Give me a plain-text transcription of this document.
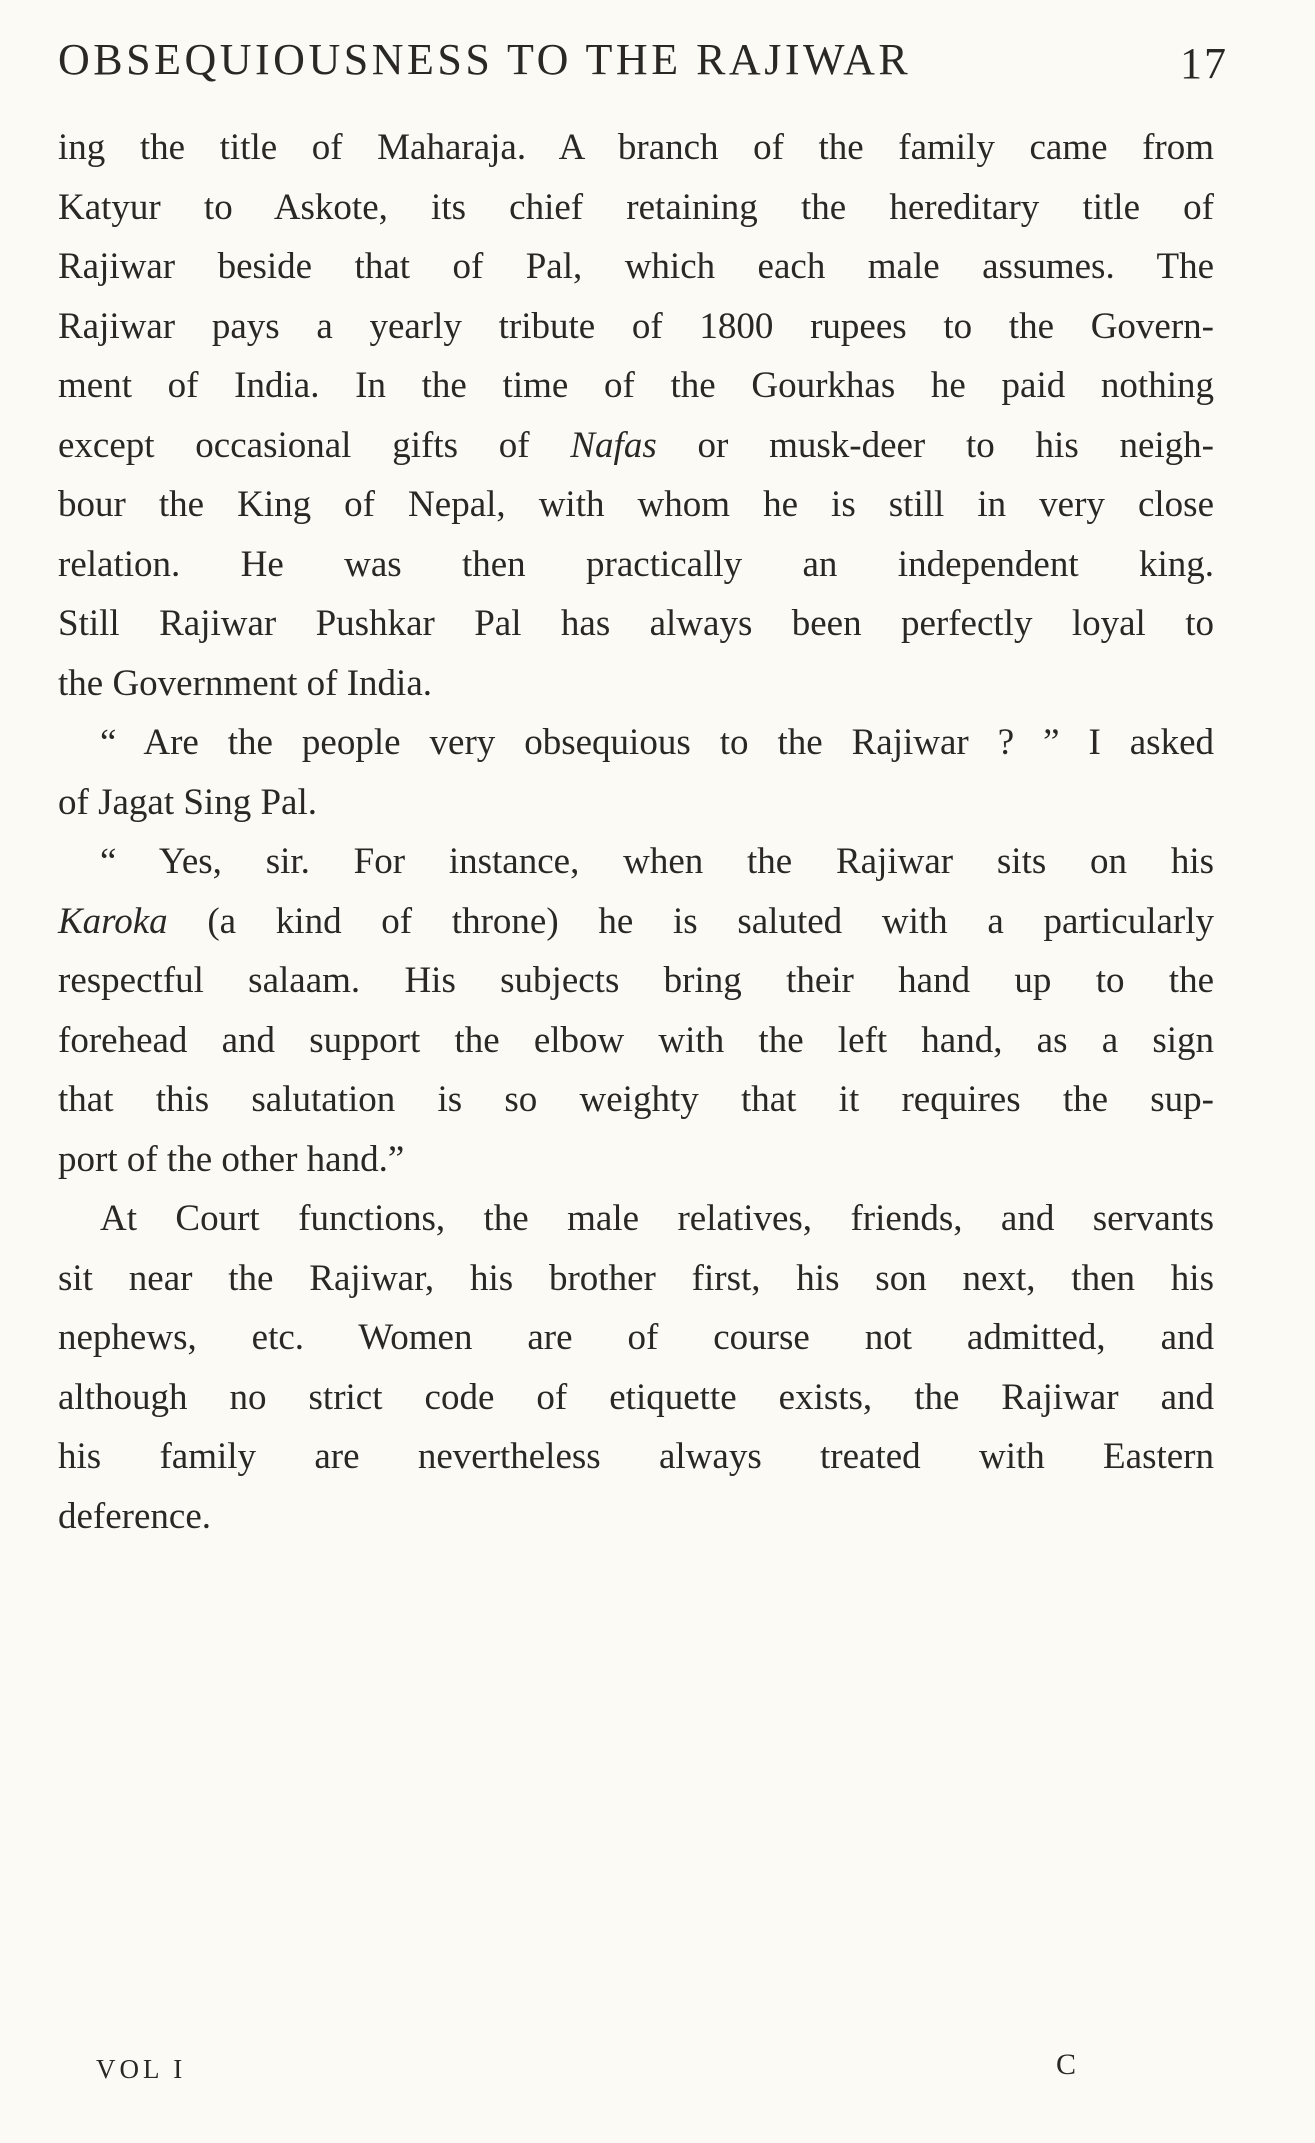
OBSEQUIOUSNESS TO THE RAJIWAR	17
ing the title of Maharaja. A branch of the family came from
Katyur to Askote, its chief retaining the hereditary title of
Rajiwar beside that of Pal, which each male assumes. The
Rajiwar pays a yearly tribute of 1800 rupees to the Govern-
ment of India. In the time of the Gourkhas he paid nothing
except occasional gifts of Nafas or musk-deer to his neigh-
bour the King of Nepal, with whom he is still in very close
relation. He was then practically an independent king.
Still Rajiwar Pushkar Pal has always been perfectly loyal to
the Government of India.
“ Are the people very obsequious to the Rajiwar ? ” I asked
of Jagat Sing Pal.
“ Yes, sir. For instance, when the Rajiwar sits on his
Karoka (a kind of throne) he is saluted with a particularly
respectful salaam. His subjects bring their hand up to the
forehead and support the elbow with the left hand, as a sign
that this salutation is so weighty that it requires the sup-
port of the other hand.”
At Court functions, the male relatives, friends, and servants
sit near the Rajiwar, his brother first, his son next, then his
nephews, etc. Women are of course not admitted, and
although no strict code of etiquette exists, the Rajiwar and
his family are nevertheless always treated with Eastern
deference.
VOL I	C
